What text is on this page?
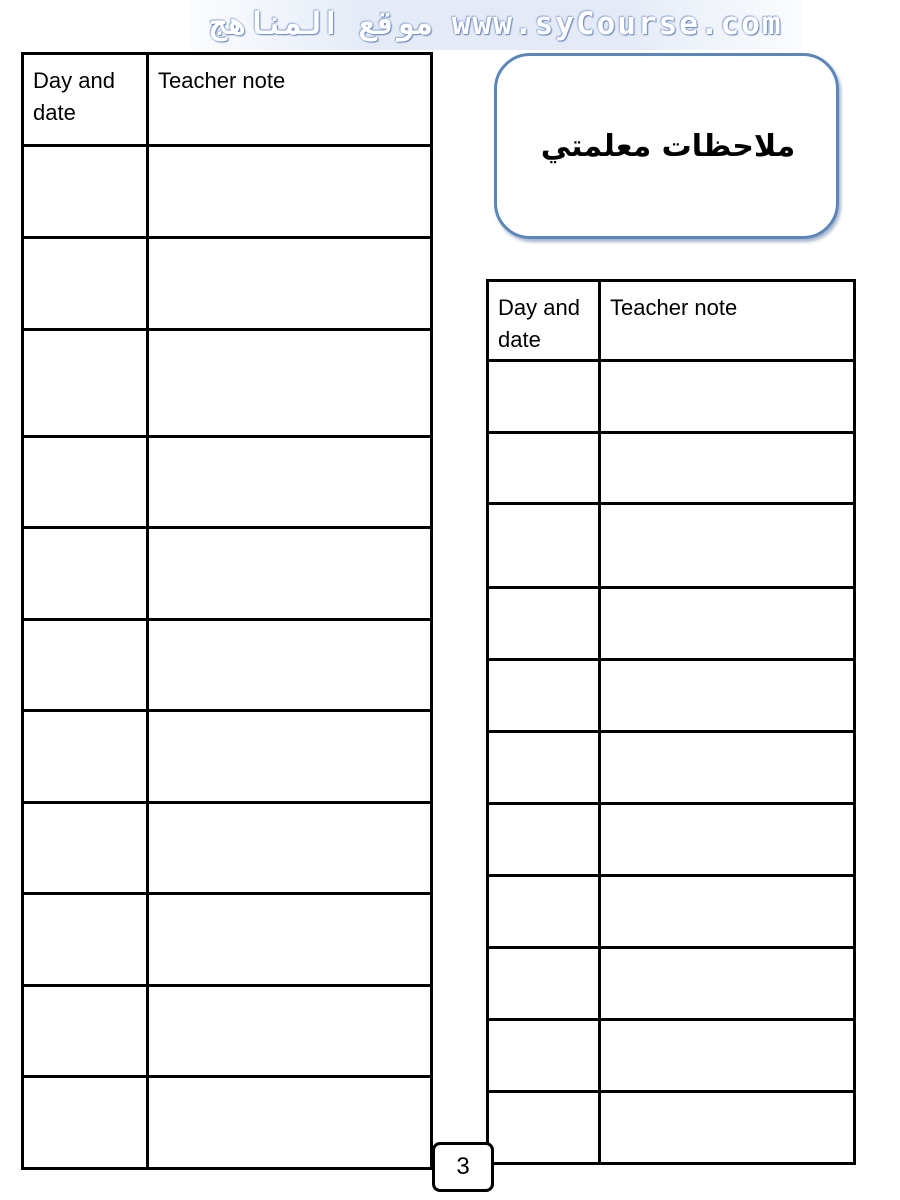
موقع المناهج www.syCourse.com
Day and date	Teacher note

ملاحظات معلمتي
Day and date	Teacher note

3
